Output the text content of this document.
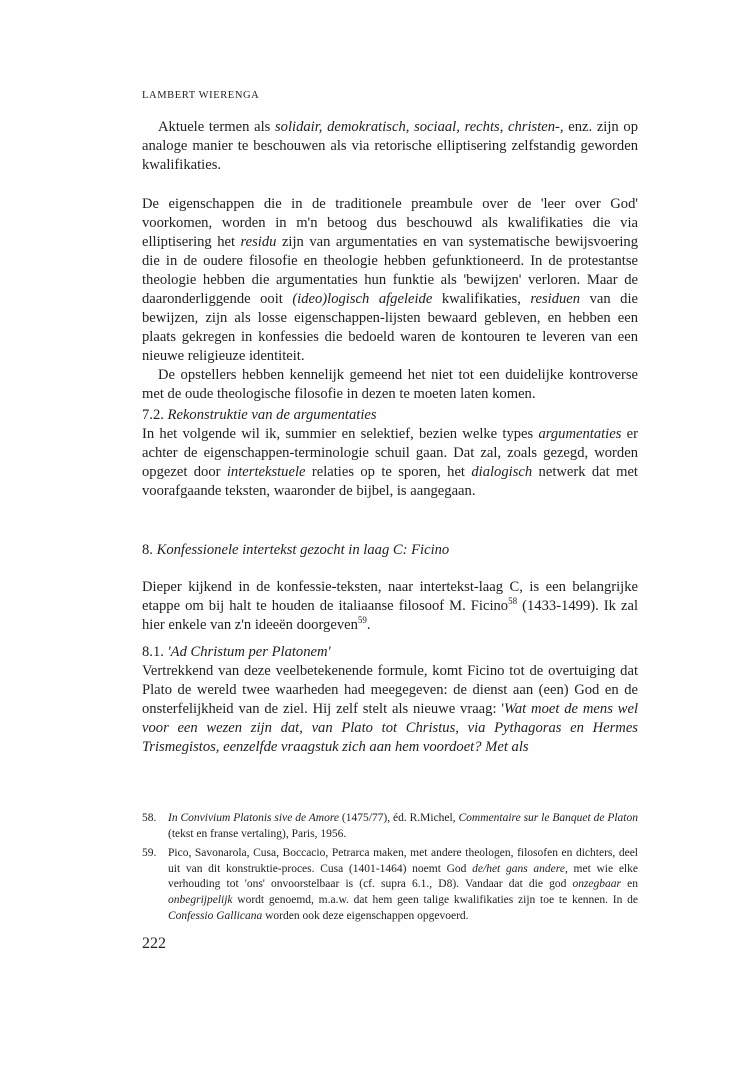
LAMBERT WIERENGA

Aktuele termen als solidair, demokratisch, sociaal, rechts, christen-, enz. zijn op analoge manier te beschouwen als via retorische elliptisering zelfstandig geworden kwalifikaties.

De eigenschappen die in de traditionele preambule over de 'leer over God' voorkomen, worden in m'n betoog dus beschouwd als kwalifikaties die via elliptisering het residu zijn van argumentaties en van systematische bewijsvoering die in de oudere filosofie en theologie hebben gefunktioneerd. In de protestantse theologie hebben die argumentaties hun funktie als 'bewijzen' verloren. Maar de daaronderliggende ooit (ideo)logisch afgeleide kwalifikaties, residuen van die bewijzen, zijn als losse eigenschappen-lijsten bewaard gebleven, en hebben een plaats gekregen in konfessies die bedoeld waren de kontouren te leveren van een nieuwe religieuze identiteit.

De opstellers hebben kennelijk gemeend het niet tot een duidelijke kontroverse met de oude theologische filosofie in dezen te moeten laten komen.

7.2. Rekonstruktie van de argumentaties

In het volgende wil ik, summier en selektief, bezien welke types argumentaties er achter de eigenschappen-terminologie schuil gaan. Dat zal, zoals gezegd, worden opgezet door intertekstuele relaties op te sporen, het dialogisch netwerk dat met voorafgaande teksten, waaronder de bijbel, is aangegaan.

8. Konfessionele intertekst gezocht in laag C: Ficino

Dieper kijkend in de konfessie-teksten, naar intertekst-laag C, is een belangrijke etappe om bij halt te houden de italiaanse filosoof M. Ficino$^{58}$ (1433-1499). Ik zal hier enkele van z'n ideeën doorgeven$^{59}$.

8.1. 'Ad Christum per Platonem'

Vertrekkend van deze veelbetekenende formule, komt Ficino tot de overtuiging dat Plato de wereld twee waarheden had meegegeven: de dienst aan (een) God en de onsterfelijkheid van de ziel. Hij zelf stelt als nieuwe vraag: 'Wat moet de mens wel voor een wezen zijn dat, van Plato tot Christus, via Pythagoras en Hermes Trismegistos, eenzelfde vraagstuk zich aan hem voordoet? Met als

58. In Convivium Platonis sive de Amore (1475/77), éd. R.Michel, Commentaire sur le Banquet de Platon (tekst en franse vertaling), Paris, 1956.

59. Pico, Savonarola, Cusa, Boccacio, Petrarca maken, met andere theologen, filosofen en dichters, deel uit van dit konstruktie-proces. Cusa (1401-1464) noemt God de/het gans andere, met wie elke verhouding tot 'ons' onvoorstelbaar is (cf. supra 6.1., D8). Vandaar dat die god onzegbaar en onbegrijpelijk wordt genoemd, m.a.w. dat hem geen talige kwalifikaties zijn toe te kennen. In de Confessio Gallicana worden ook deze eigenschappen opgevoerd.

222
